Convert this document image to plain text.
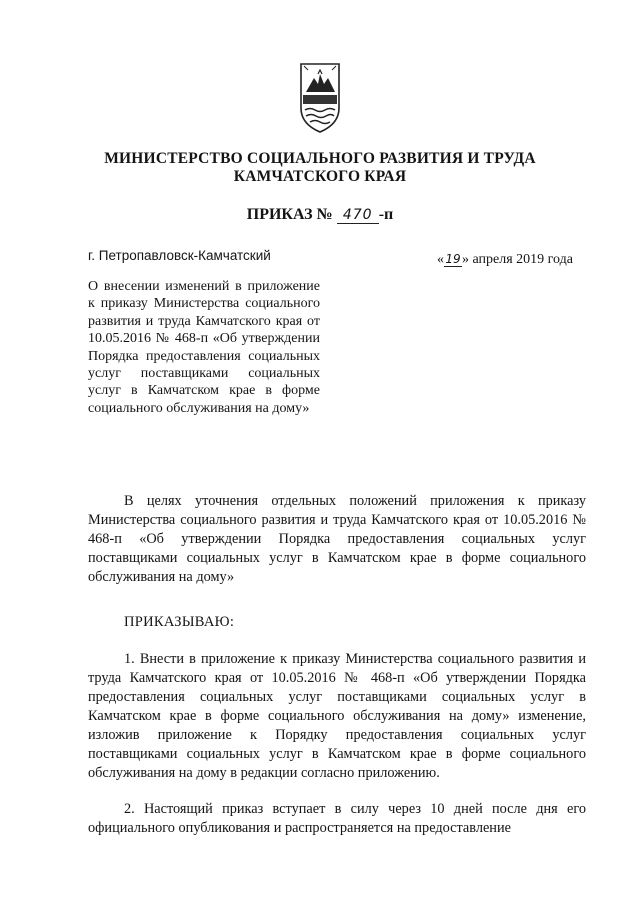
МИНИСТЕРСТВО СОЦИАЛЬНОГО РАЗВИТИЯ И ТРУДА
КАМЧАТСКОГО КРАЯ
ПРИКАЗ № 470 -п
г. Петропавловск-Камчатский	«19» апреля 2019 года
О внесении изменений в приложение к приказу Министерства социального развития и труда Камчатского края от 10.05.2016 № 468-п «Об утверждении Порядка предоставления социальных услуг поставщиками социальных услуг в Камчатском крае в форме социального обслуживания на дому»
В целях уточнения отдельных положений приложения к приказу Министерства социального развития и труда Камчатского края от 10.05.2016 № 468-п «Об утверждении Порядка предоставления социальных услуг поставщиками социальных услуг в Камчатском крае в форме социального обслуживания на дому»
ПРИКАЗЫВАЮ:
1. Внести в приложение к приказу Министерства социального развития и труда Камчатского края от 10.05.2016 № 468-п «Об утверждении Порядка предоставления социальных услуг поставщиками социальных услуг в Камчатском крае в форме социального обслуживания на дому» изменение, изложив приложение к Порядку предоставления социальных услуг поставщиками социальных услуг в Камчатском крае в форме социального обслуживания на дому в редакции согласно приложению.
2. Настоящий приказ вступает в силу через 10 дней после дня его официального опубликования и распространяется на предоставление
